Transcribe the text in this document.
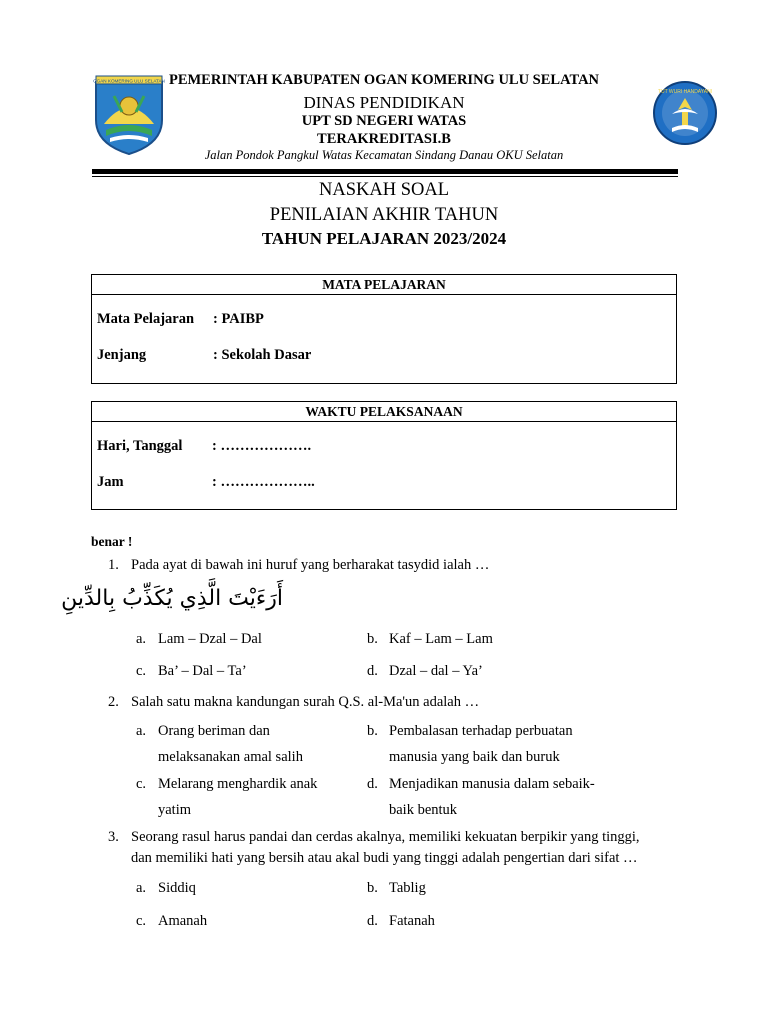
OGAN KOMERING ULU SELATAN
TUT WURI HANDAYANI
PEMERINTAH KABUPATEN OGAN KOMERING ULU SELATAN
DINAS PENDIDIKAN
UPT SD NEGERI WATAS
TERAKREDITASI.B
Jalan Pondok Pangkul Watas Kecamatan Sindang Danau OKU Selatan
NASKAH SOAL
PENILAIAN AKHIR TAHUN
TAHUN PELAJARAN 2023/2024
MATA PELAJARAN
Mata Pelajaran : PAIBP
Jenjang	: Sekolah Dasar
WAKTU PELAKSANAAN
Hari, Tanggal : ……………….
Jam	: ………………..
benar !
1. Pada ayat di bawah ini huruf yang berharakat tasydid ialah …
أَرَءَيْتَ الَّذِي يُكَذِّبُ بِالدِّينِ
a. Lam – Dzal – Dal	b. Kaf – Lam – Lam
c. Ba’ – Dal – Ta’	d. Dzal – dal – Ya’
2. Salah satu makna kandungan surah Q.S. al-Ma'un adalah …
a. Orang beriman dan
melaksanakan amal salih
b. Pembalasan terhadap perbuatan
manusia yang baik dan buruk
c. Melarang menghardik anak
yatim
d. Menjadikan manusia dalam sebaik-
baik bentuk
3. Seorang rasul harus pandai dan cerdas akalnya, memiliki kekuatan berpikir yang tinggi,
dan memiliki hati yang bersih atau akal budi yang tinggi adalah pengertian dari sifat …
a. Siddiq	b. Tablig
c. Amanah	d. Fatanah
